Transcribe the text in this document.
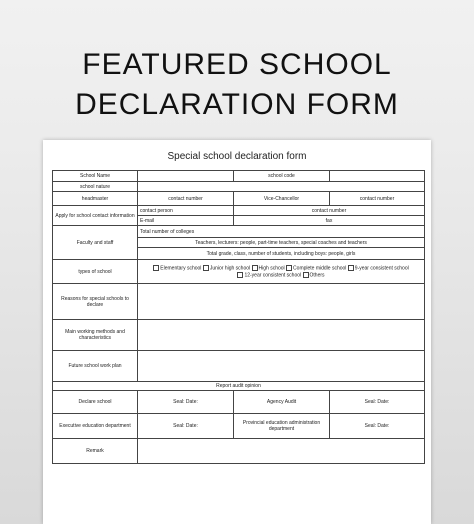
FEATURED SCHOOL
DECLARATION FORM
Special school declaration form
School Name		school code	
school nature			
headmaster	contact number	Vice-Chancellor	contact number
Apply for school contact information	contact person	contact number	
	E-mail	fax	
Faculty and staff	Total number of colleges		
	Teachers, lecturers: people, part-time teachers, special coaches and teachers		
	Total grade, class, number of students, including boys: people, girls		
types of school	Elementary school Junior high school High school Complete middle school 9-year consistent school 12-year consistent school Others		
Reasons for special schools to declare			
Main working methods and characteristics			
Future school work plan			
Report audit opinion			
Declare school	Seal: Date:	Agency Audit	Seal: Date:
Executive education department	Seal: Date:	Provincial education administration department	Seal: Date:
Remark			
